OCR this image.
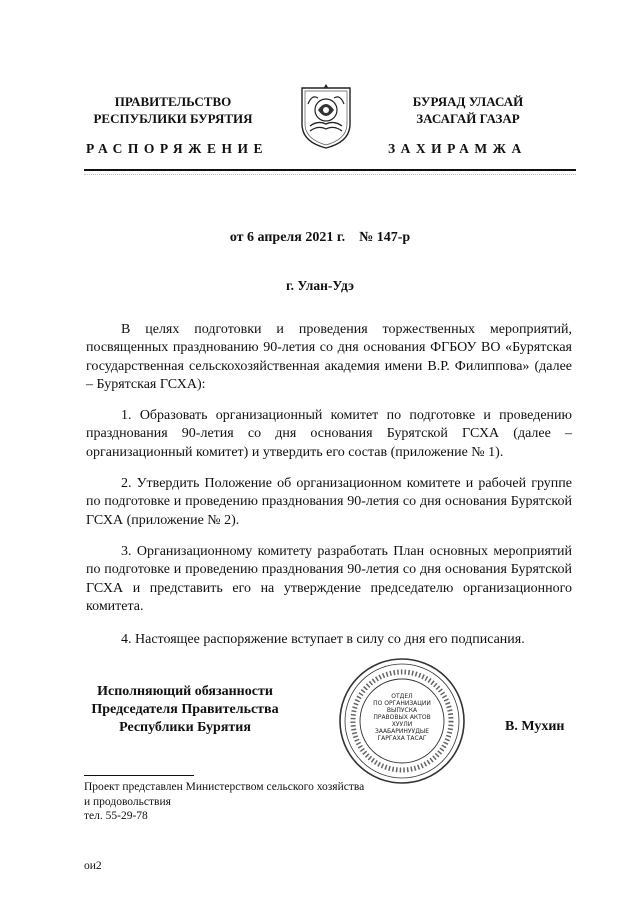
ПРАВИТЕЛЬСТВО
РЕСПУБЛИКИ БУРЯТИЯ
БУРЯАД УЛАСАЙ
ЗАСАГАЙ ГАЗАР
РАСПОРЯЖЕНИЕ	ЗАХИРАМЖА
от 6 апреля 2021 г. № 147-р
г. Улан-Удэ

В целях подготовки и проведения торжественных мероприятий, посвященных празднованию 90-летия со дня основания ФГБОУ ВО «Бурятская государственная сельскохозяйственная академия имени В.Р. Филиппова» (далее – Бурятская ГСХА):

1. Образовать организационный комитет по подготовке и проведению празднования 90-летия со дня основания Бурятской ГСХА (далее – организационный комитет) и утвердить его состав (приложение № 1).

2. Утвердить Положение об организационном комитете и рабочей группе по подготовке и проведению празднования 90-летия со дня основания Бурятской ГСХА (приложение № 2).

3. Организационному комитету разработать План основных мероприятий по подготовке и проведению празднования 90-летия со дня основания Бурятской ГСХА и представить его на утверждение председателю организационного комитета.

4. Настоящее распоряжение вступает в силу со дня его подписания.

Исполняющий обязанности
Председателя Правительства
Республики Бурятия
ОТДЕЛ
ПО ОРГАНИЗАЦИИ
ВЫПУСКА
ПРАВОВЫХ АКТОВ
ХУУЛИ
ЗААБАРИНУУДЫЕ
ГАРГАХА ТАСАГ
В. Мухин
Проект представлен Министерством сельского хозяйства
и продовольствия
тел. 55-29-78
ои2
